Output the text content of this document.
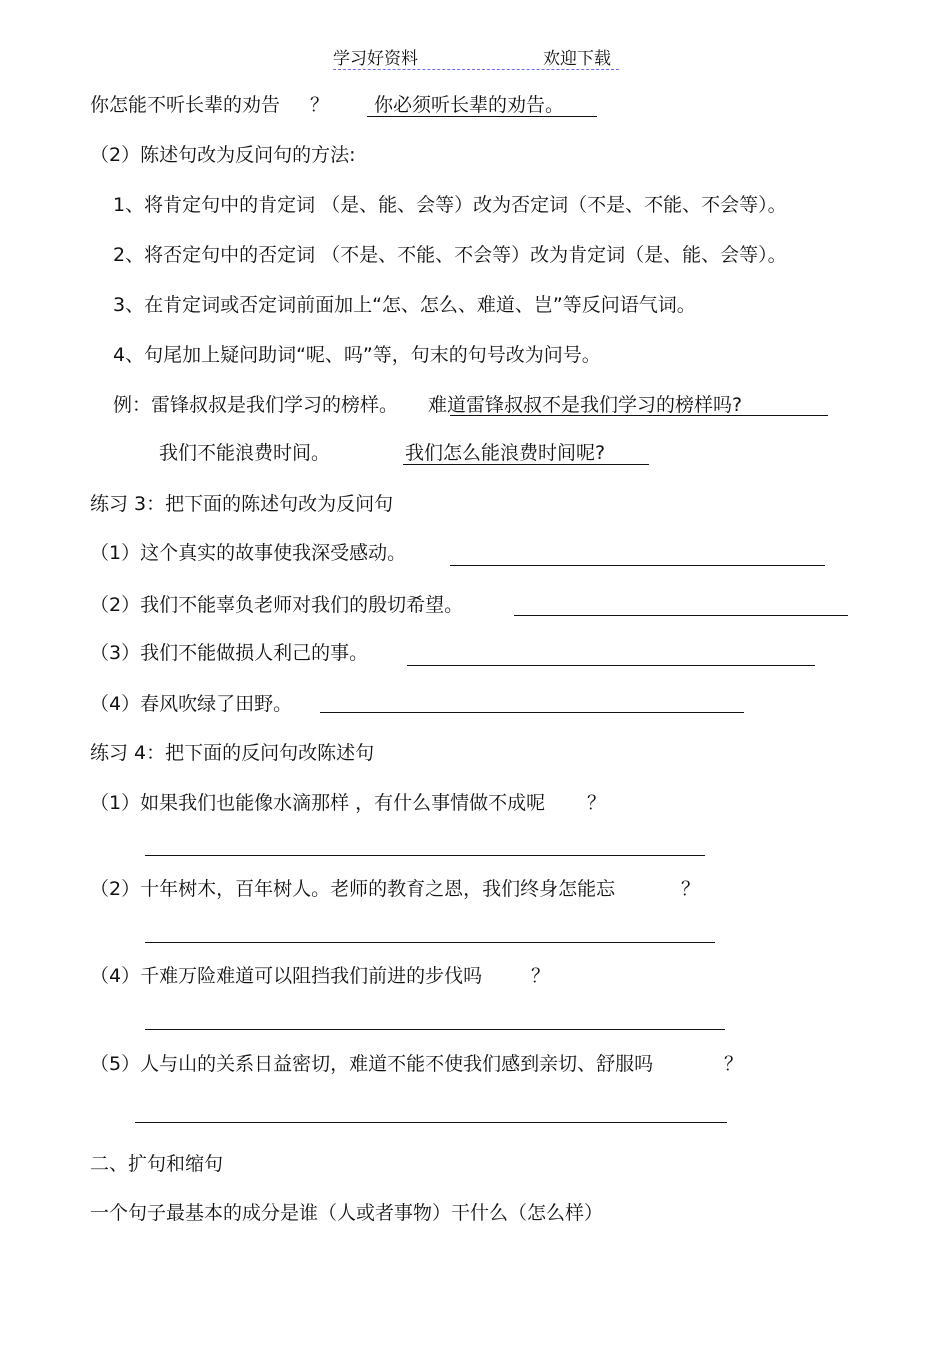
学习好资料	欢迎下载
你怎能不听长辈的劝告 ？ 你必须听长辈的劝告。
（2）陈述句改为反问句的方法:
1、将肯定句中的肯定词 （是、能、会等）改为否定词（不是、不能、不会等）。
2、将否定句中的否定词 （不是、不能、不会等）改为肯定词（是、能、会等）。
3、在肯定词或否定词前面加上“怎、怎么、难道、岂”等反问语气词。
4、句尾加上疑问助词“呢、吗”等，句末的句号改为问号。
例：雷锋叔叔是我们学习的榜样。 难道雷锋叔叔不是我们学习的榜样吗?
我们不能浪费时间。	我们怎么能浪费时间呢?
练习 3：把下面的陈述句改为反问句
（1）这个真实的故事使我深受感动。
（2）我们不能辜负老师对我们的殷切希望。
（3）我们不能做损人利己的事。
（4）春风吹绿了田野。
练习 4：把下面的反问句改陈述句
（1）如果我们也能像水滴那样 ，有什么事情做不成呢 ？
（2）十年树木，百年树人。老师的教育之恩，我们终身怎能忘	？
（4）千难万险难道可以阻挡我们前进的步伐吗	？
（5）人与山的关系日益密切，难道不能不使我们感到亲切、舒服吗	？
二、扩句和缩句
一个句子最基本的成分是谁（人或者事物）干什么（怎么样）
